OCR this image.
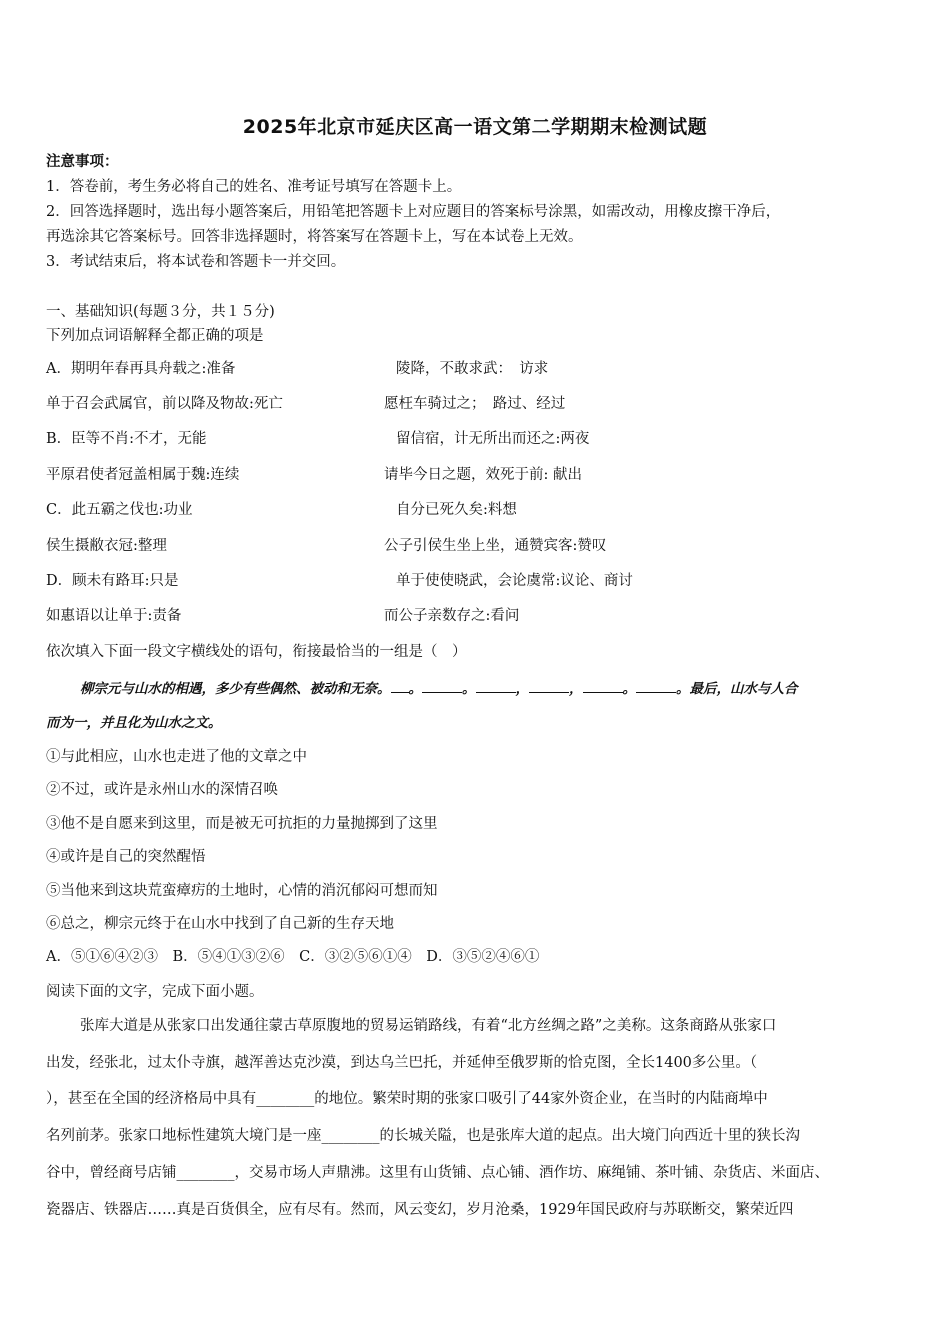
2025年北京市延庆区高一语文第二学期期末检测试题
注意事项：
1．答卷前，考生务必将自己的姓名、准考证号填写在答题卡上。
2．回答选择题时，选出每小题答案后，用铅笔把答题卡上对应题目的答案标号涂黑，如需改动，用橡皮擦干净后，
再选涂其它答案标号。回答非选择题时，将答案写在答题卡上，写在本试卷上无效。
3．考试结束后，将本试卷和答题卡一并交回。
一、基础知识(每题３分，共１５分)
下列加点词语解释全都正确的项是
A．期明年春再具舟载之:准备	陵降，不敢求武：　访求
单于召会武属官，前以降及物故:死亡	愿枉车骑过之；　路过、经过
B．臣等不肖:不才，无能	留信宿，计无所出而还之:两夜
平原君使者冠盖相属于魏:连续	请毕今日之题，效死于前: 献出
C．此五霸之伐也:功业	自分已死久矣:料想
侯生摄敝衣冠:整理	公子引侯生坐上坐，通赞宾客:赞叹
D．顾未有路耳:只是	单于使使晓武，会论虞常:议论、商讨
如惠语以让单于:责备	而公子亲数存之:看问
依次填入下面一段文字横线处的语句，衔接最恰当的一组是（　）
柳宗元与山水的相遇，多少有些偶然、被动和无奈。 。	。	，	，	。	。最后，山水与人合
而为一，并且化为山水之文。
①与此相应，山水也走进了他的文章之中
②不过，或许是永州山水的深情召唤
③他不是自愿来到这里，而是被无可抗拒的力量抛掷到了这里
④或许是自己的突然醒悟
⑤当他来到这块荒蛮瘴疠的土地时，心情的消沉郁闷可想而知
⑥总之，柳宗元终于在山水中找到了自己新的生存天地
A．⑤①⑥④②③　B．⑤④①③②⑥　C．③②⑤⑥①④　D．③⑤②④⑥①
阅读下面的文字，完成下面小题。
张库大道是从张家口出发通往蒙古草原腹地的贸易运销路线，有着“北方丝绸之路”之美称。这条商路从张家口
出发，经张北，过太仆寺旗，越浑善达克沙漠，到达乌兰巴托，并延伸至俄罗斯的恰克图，全长1400多公里。（
），甚至在全国的经济格局中具有________的地位。繁荣时期的张家口吸引了44家外资企业，在当时的内陆商埠中
名列前茅。张家口地标性建筑大境门是一座________的长城关隘，也是张库大道的起点。出大境门向西近十里的狭长沟
谷中，曾经商号店铺________，交易市场人声鼎沸。这里有山货铺、点心铺、酒作坊、麻绳铺、茶叶铺、杂货店、米面店、
瓷器店、铁器店……真是百货俱全，应有尽有。然而，风云变幻，岁月沧桑，1929年国民政府与苏联断交，繁荣近四
